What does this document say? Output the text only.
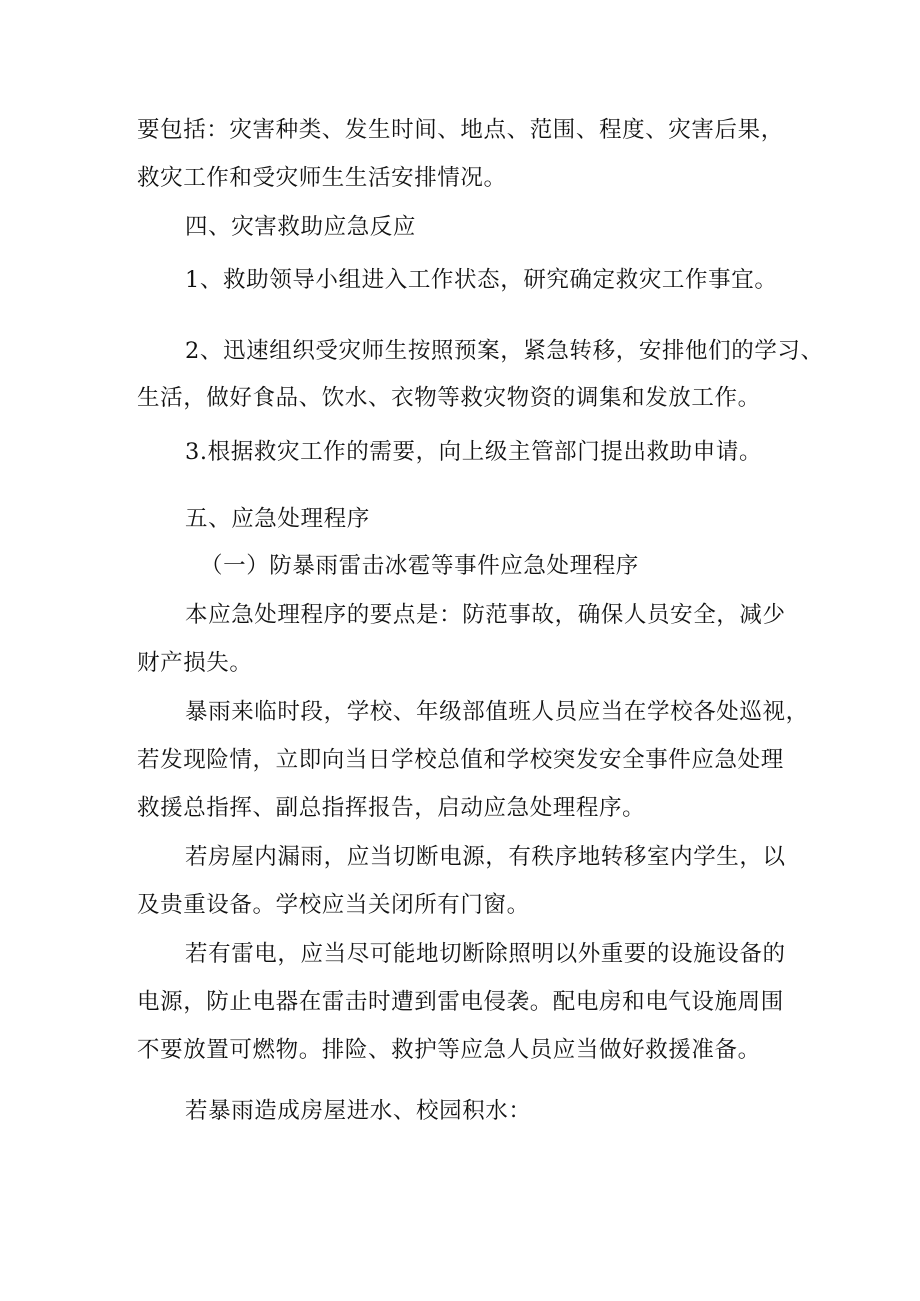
要包括：灾害种类、发生时间、地点、范围、程度、灾害后果，
救灾工作和受灾师生生活安排情况。
四、灾害救助应急反应
1、救助领导小组进入工作状态，研究确定救灾工作事宜。
2、迅速组织受灾师生按照预案，紧急转移，安排他们的学习、
生活，做好食品、饮水、衣物等救灾物资的调集和发放工作。
3.根据救灾工作的需要，向上级主管部门提出救助申请。
五、应急处理程序
（一）防暴雨雷击冰雹等事件应急处理程序
本应急处理程序的要点是：防范事故，确保人员安全，减少
财产损失。
暴雨来临时段，学校、年级部值班人员应当在学校各处巡视，
若发现险情，立即向当日学校总值和学校突发安全事件应急处理
救援总指挥、副总指挥报告，启动应急处理程序。
若房屋内漏雨，应当切断电源，有秩序地转移室内学生，以
及贵重设备。学校应当关闭所有门窗。
若有雷电，应当尽可能地切断除照明以外重要的设施设备的
电源，防止电器在雷击时遭到雷电侵袭。配电房和电气设施周围
不要放置可燃物。排险、救护等应急人员应当做好救援准备。
若暴雨造成房屋进水、校园积水：
